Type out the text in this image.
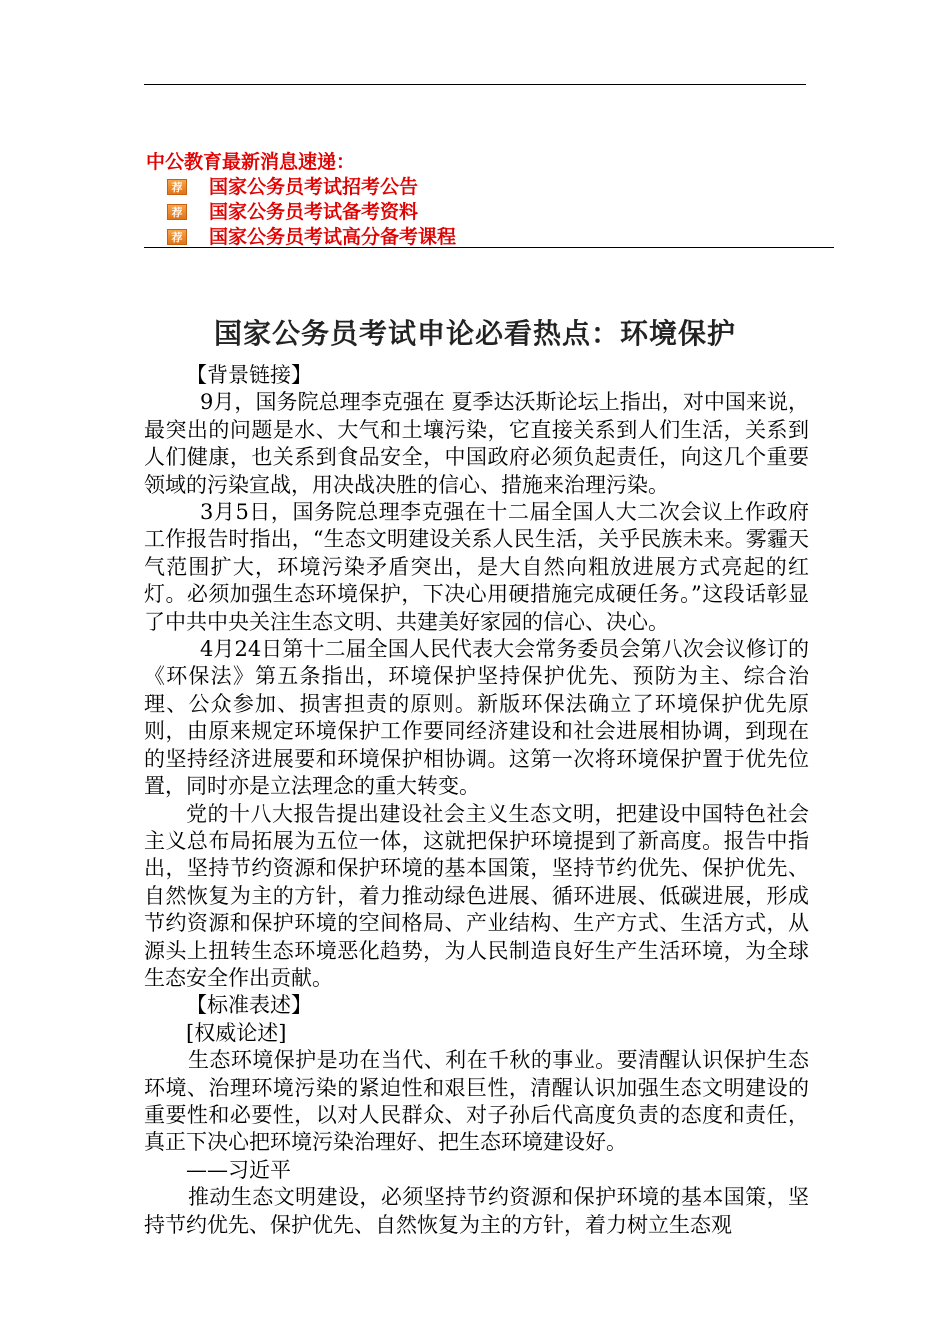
中公教育最新消息速递：
荐 国家公务员考试招考公告
荐 国家公务员考试备考资料
荐 国家公务员考试高分备考课程
国家公务员考试申论必看热点：环境保护

【背景链接】

9月，国务院总理李克强在 夏季达沃斯论坛上指出，对中国来说，最突出的问题是水、大气和土壤污染，它直接关系到人们生活，关系到人们健康，也关系到食品安全，中国政府必须负起责任，向这几个重要领域的污染宣战，用决战决胜的信心、措施来治理污染。

3月5日，国务院总理李克强在十二届全国人大二次会议上作政府工作报告时指出，“生态文明建设关系人民生活，关乎民族未来。雾霾天气范围扩大，环境污染矛盾突出，是大自然向粗放进展方式亮起的红灯。必须加强生态环境保护，下决心用硬措施完成硬任务。”这段话彰显了中共中央关注生态文明、共建美好家园的信心、决心。

4月24日第十二届全国人民代表大会常务委员会第八次会议修订的《环保法》第五条指出，环境保护坚持保护优先、预防为主、综合治理、公众参加、损害担责的原则。新版环保法确立了环境保护优先原则，由原来规定环境保护工作要同经济建设和社会进展相协调，到现在的坚持经济进展要和环境保护相协调。这第一次将环境保护置于优先位置，同时亦是立法理念的重大转变。

党的十八大报告提出建设社会主义生态文明，把建设中国特色社会主义总布局拓展为五位一体，这就把保护环境提到了新高度。报告中指出，坚持节约资源和保护环境的基本国策，坚持节约优先、保护优先、自然恢复为主的方针，着力推动绿色进展、循环进展、低碳进展，形成节约资源和保护环境的空间格局、产业结构、生产方式、生活方式，从源头上扭转生态环境恶化趋势，为人民制造良好生产生活环境，为全球生态安全作出贡献。

【标准表述】

[权威论述]

生态环境保护是功在当代、利在千秋的事业。要清醒认识保护生态环境、治理环境污染的紧迫性和艰巨性，清醒认识加强生态文明建设的重要性和必要性，以对人民群众、对子孙后代高度负责的态度和责任，真正下决心把环境污染治理好、把生态环境建设好。

——习近平

推动生态文明建设，必须坚持节约资源和保护环境的基本国策，坚持节约优先、保护优先、自然恢复为主的方针，着力树立生态观
